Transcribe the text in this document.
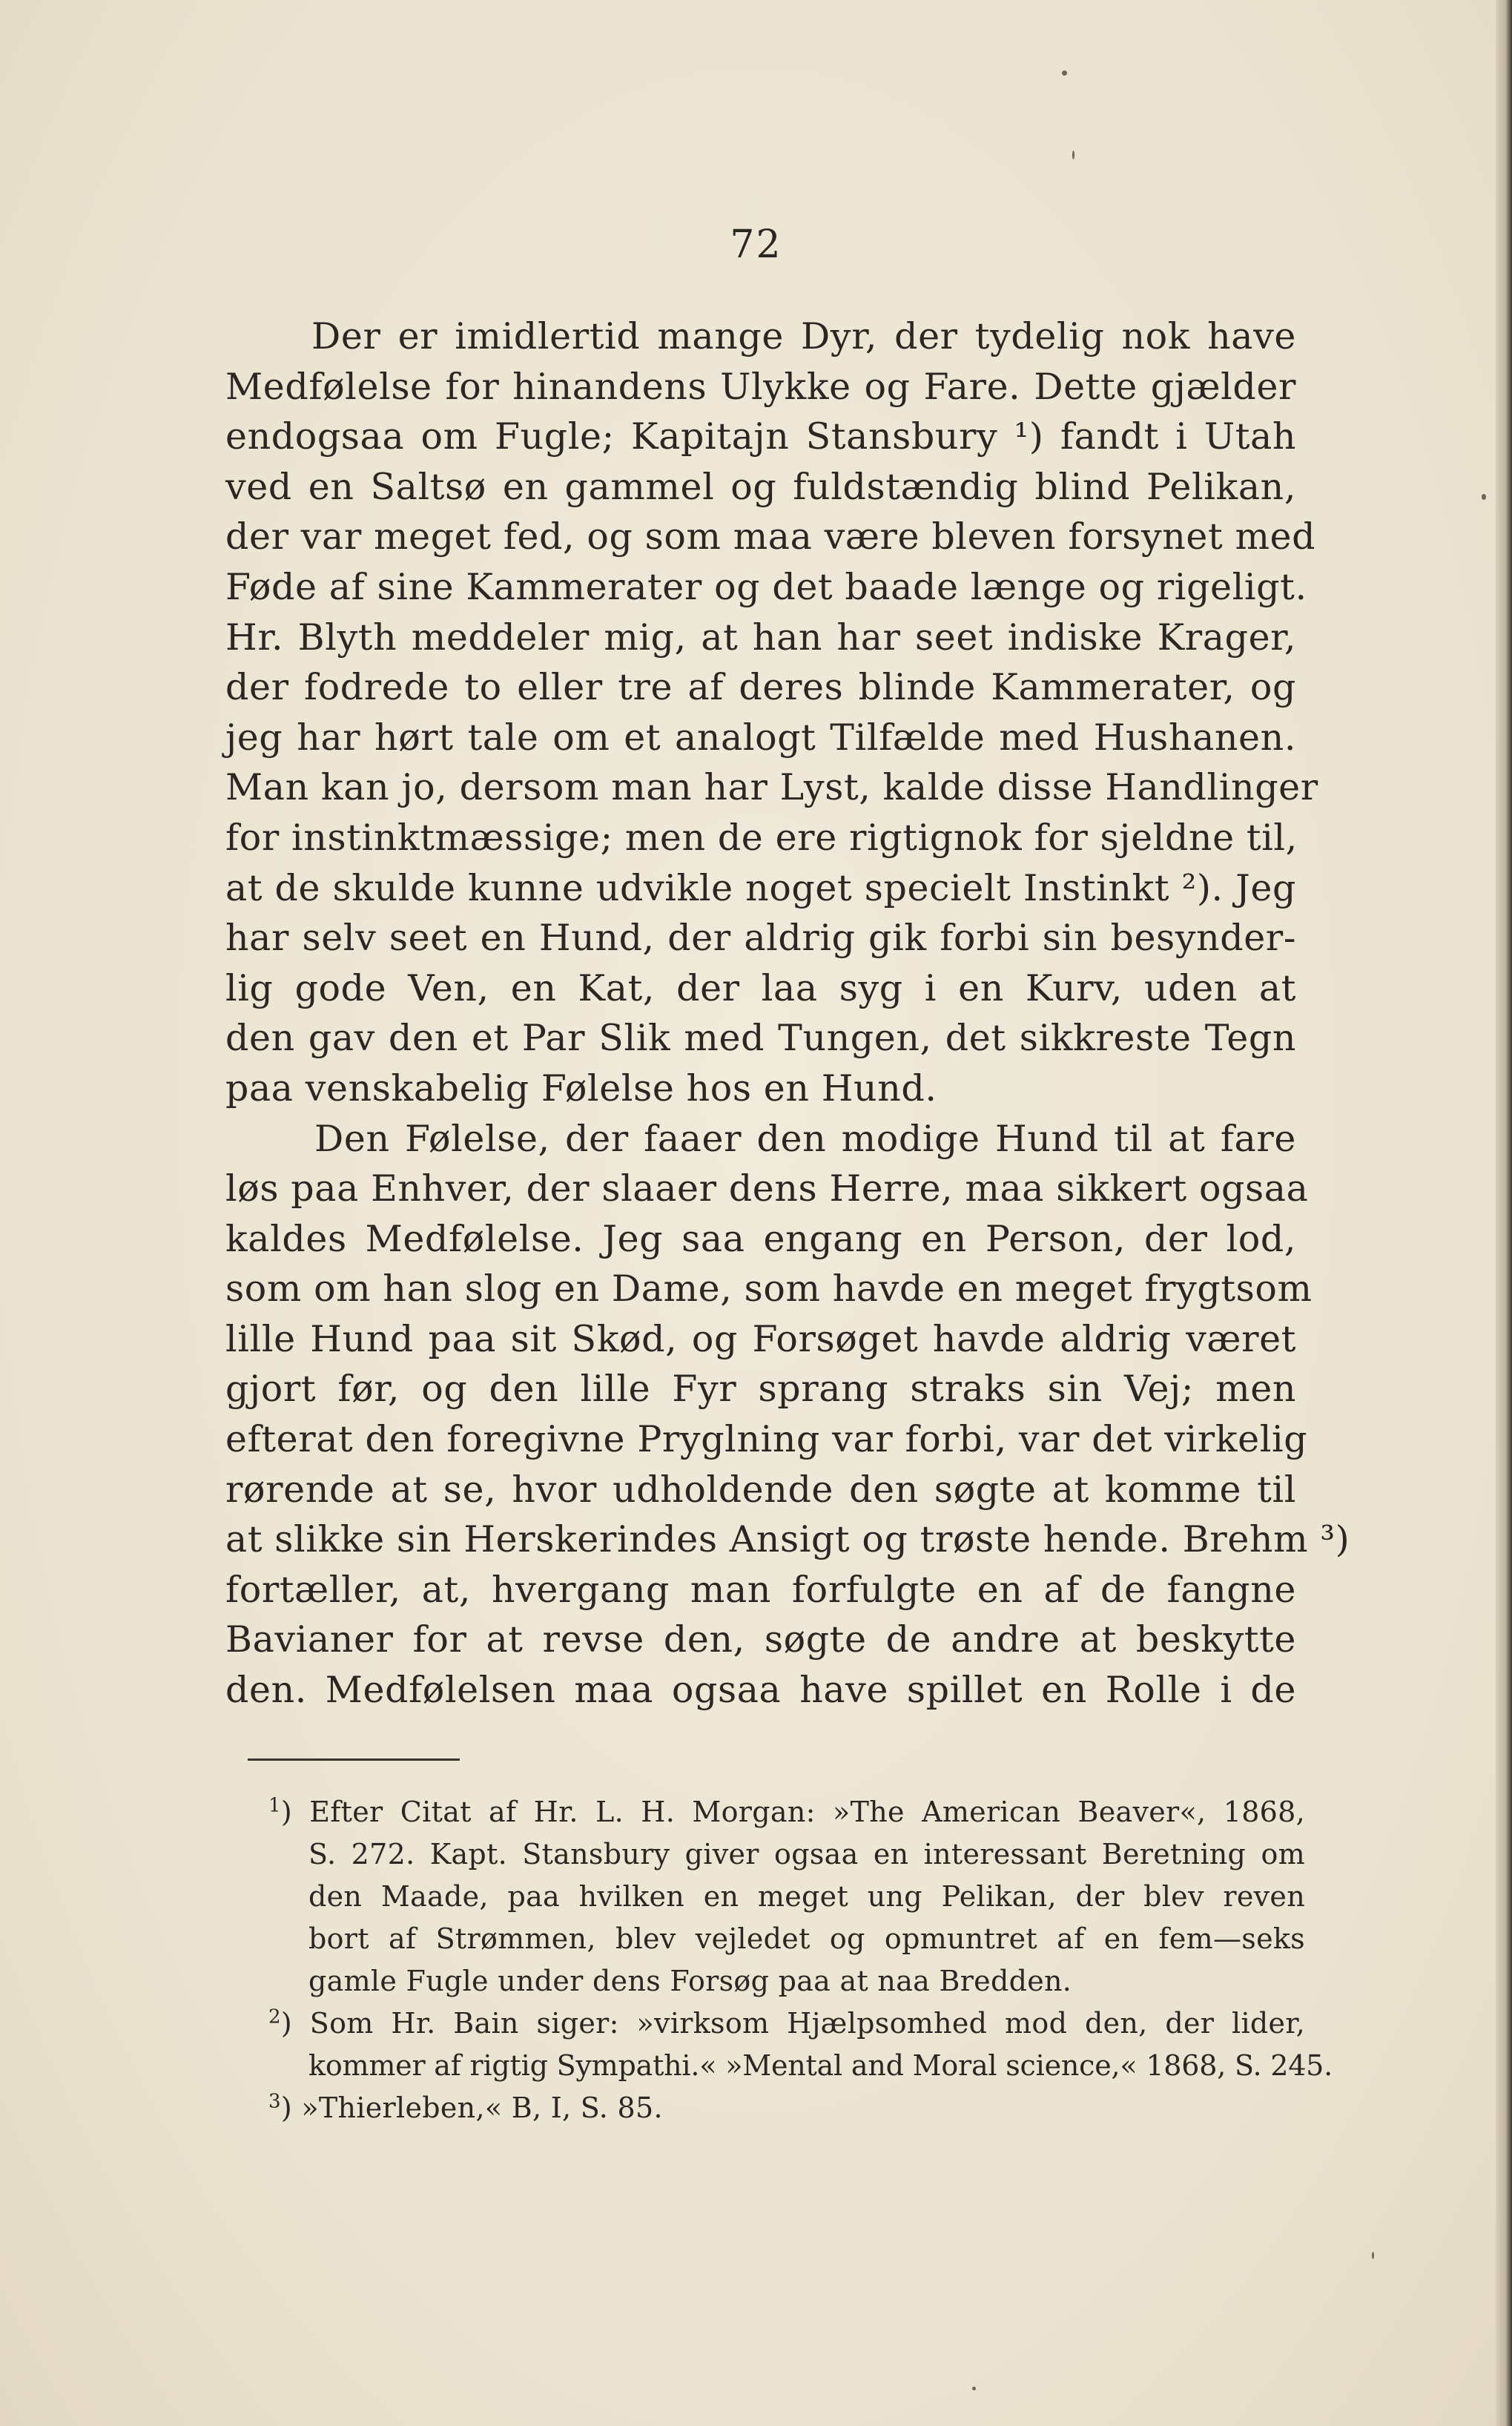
72
Der er imidlertid mange Dyr, der tydelig nok have
Medfølelse for hinandens Ulykke og Fare. Dette gjælder
endogsaa om Fugle; Kapitajn Stansbury ¹) fandt i Utah
ved en Saltsø en gammel og fuldstændig blind Pelikan,
der var meget fed, og som maa være bleven forsynet med
Føde af sine Kammerater og det baade længe og rigeligt.
Hr. Blyth meddeler mig, at han har seet indiske Krager,
der fodrede to eller tre af deres blinde Kammerater, og
jeg har hørt tale om et analogt Tilfælde med Hushanen.
Man kan jo, dersom man har Lyst, kalde disse Handlinger
for instinktmæssige; men de ere rigtignok for sjeldne til,
at de skulde kunne udvikle noget specielt Instinkt ²). Jeg
har selv seet en Hund, der aldrig gik forbi sin besynder-
lig gode Ven, en Kat, der laa syg i en Kurv, uden at
den gav den et Par Slik med Tungen, det sikkreste Tegn
paa venskabelig Følelse hos en Hund.
Den Følelse, der faaer den modige Hund til at fare
løs paa Enhver, der slaaer dens Herre, maa sikkert ogsaa
kaldes Medfølelse. Jeg saa engang en Person, der lod,
som om han slog en Dame, som havde en meget frygtsom
lille Hund paa sit Skød, og Forsøget havde aldrig været
gjort før, og den lille Fyr sprang straks sin Vej; men
efterat den foregivne Pryglning var forbi, var det virkelig
rørende at se, hvor udholdende den søgte at komme til
at slikke sin Herskerindes Ansigt og trøste hende. Brehm ³)
fortæller, at, hvergang man forfulgte en af de fangne
Bavianer for at revse den, søgte de andre at beskytte
den. Medfølelsen maa ogsaa have spillet en Rolle i de
$^1$) Efter Citat af Hr. L. H. Morgan: »The American Beaver«, 1868,
S. 272. Kapt. Stansbury giver ogsaa en interessant Beretning om
den Maade, paa hvilken en meget ung Pelikan, der blev reven
bort af Strømmen, blev vejledet og opmuntret af en fem—seks
gamle Fugle under dens Forsøg paa at naa Bredden.
$^2$) Som Hr. Bain siger: »virksom Hjælpsomhed mod den, der lider,
kommer af rigtig Sympathi.« »Mental and Moral science,« 1868, S. 245.
$^3$) »Thierleben,« B, I, S. 85.
